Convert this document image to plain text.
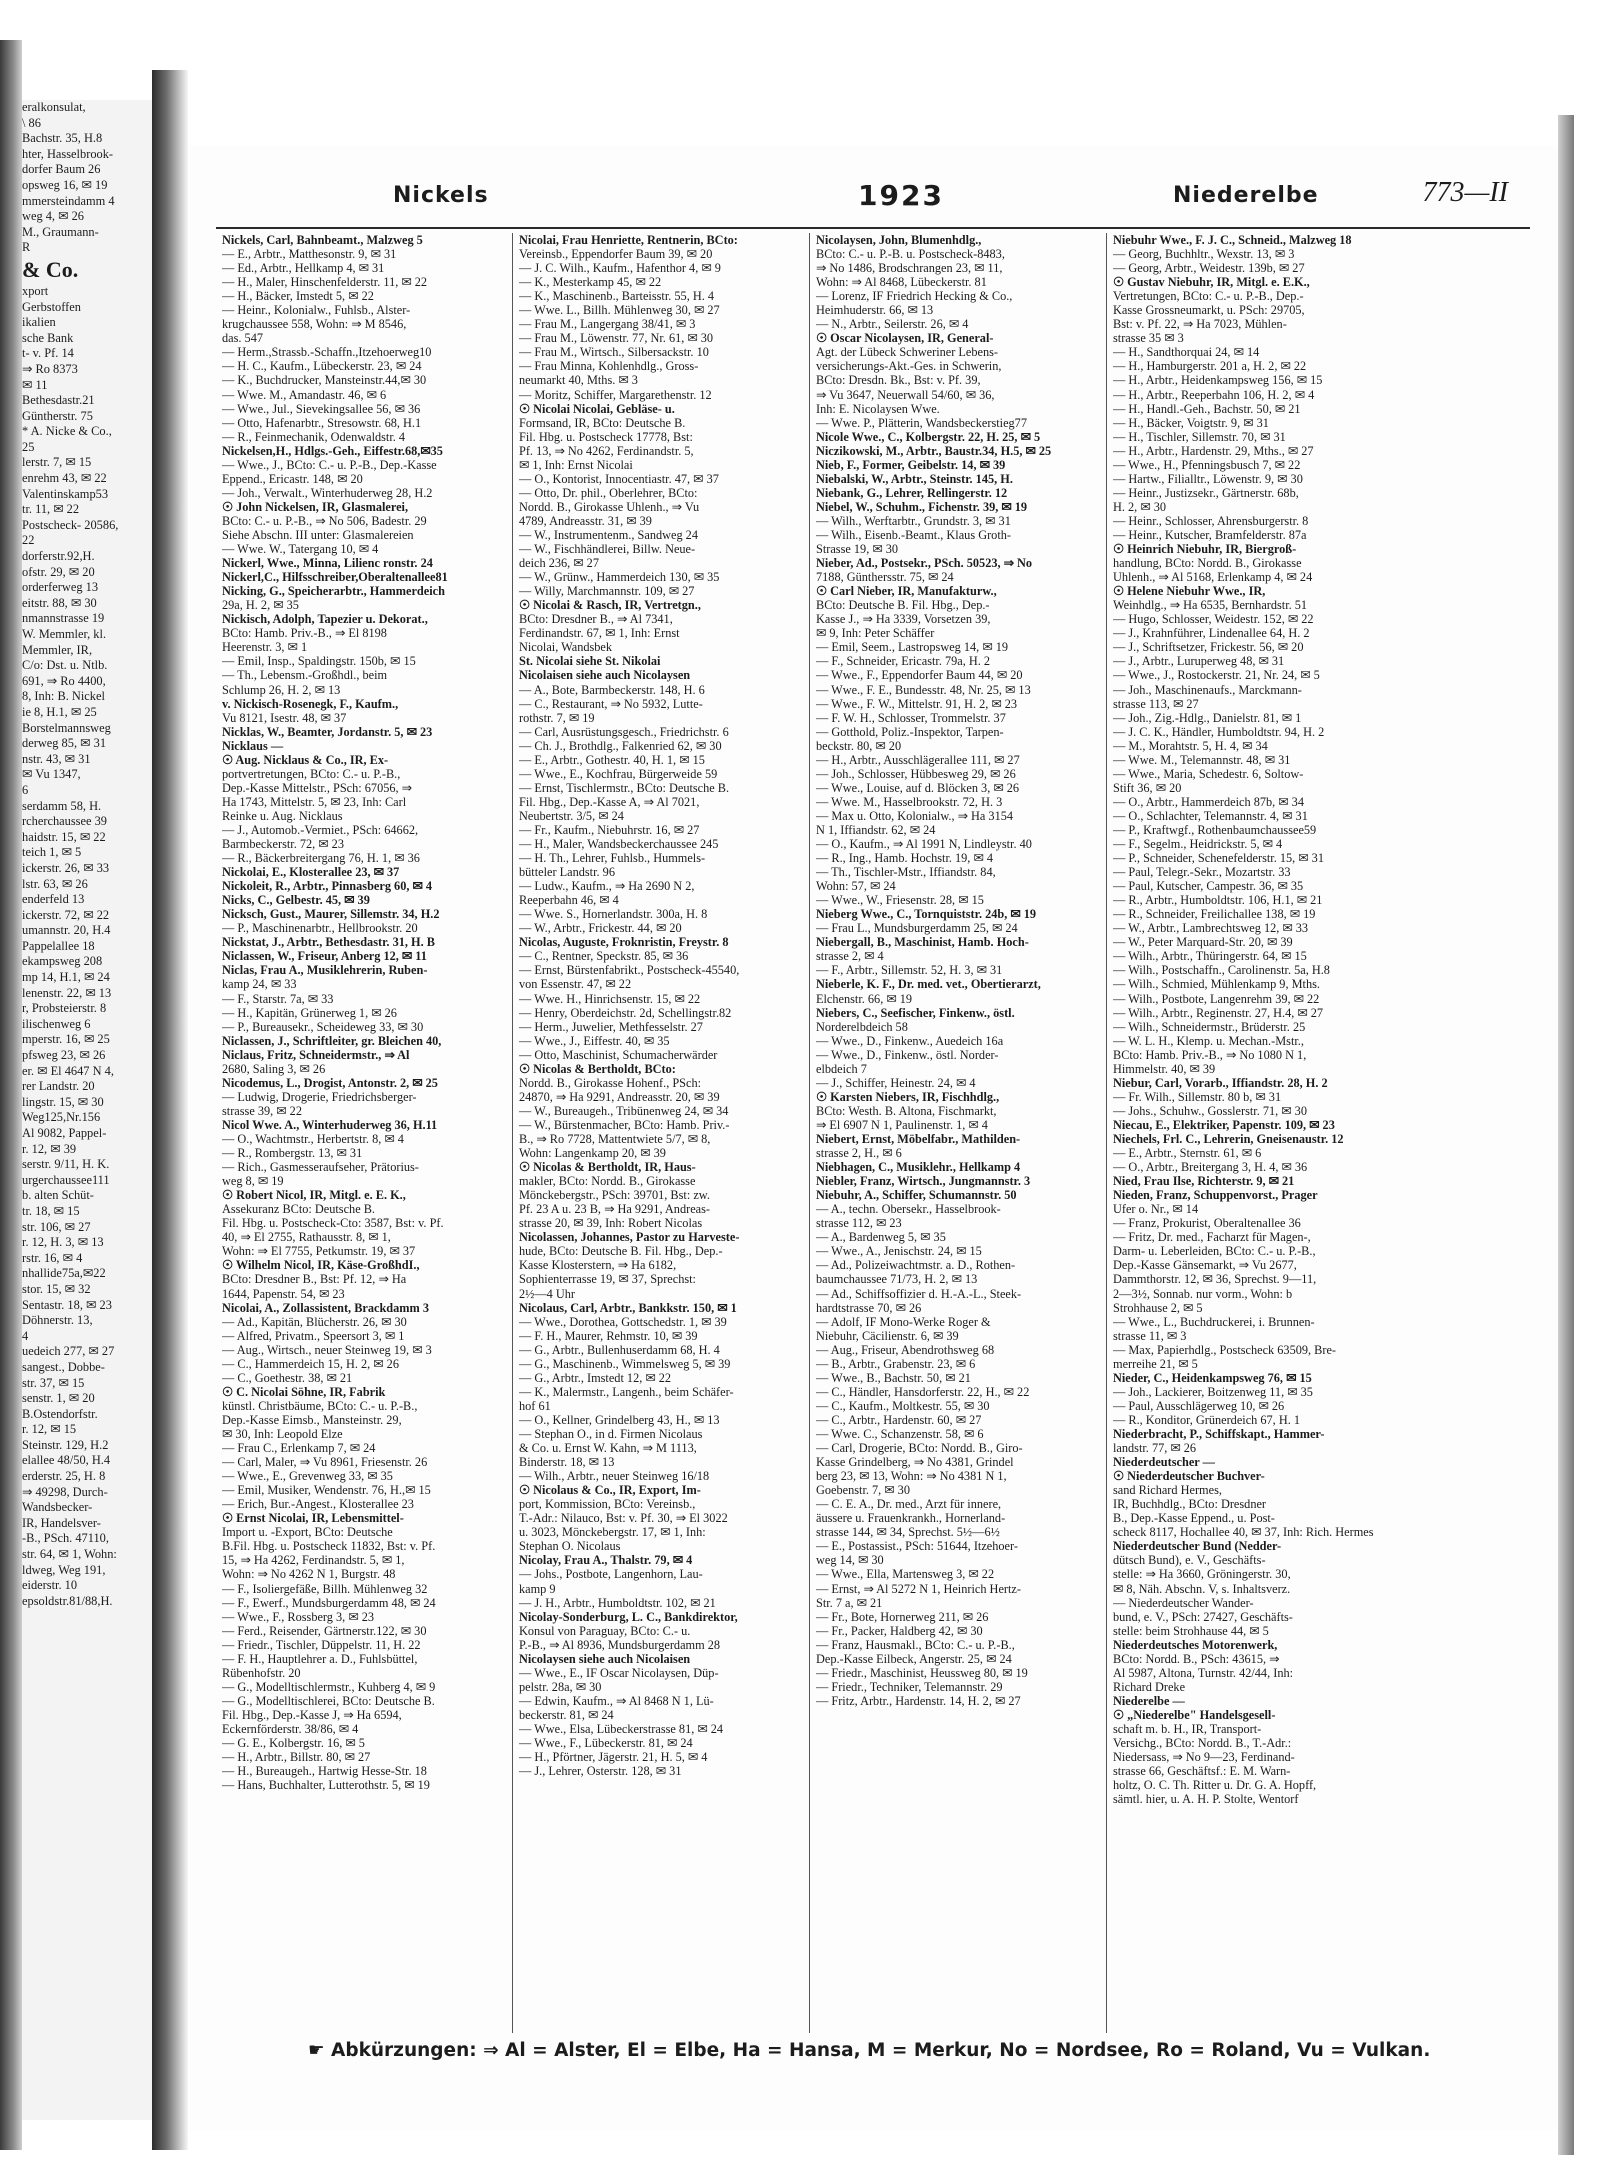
eralkonsulat,
\ 86
Bachstr. 35, H.8
hter, Hasselbrook-
dorfer Baum 26
opsweg 16, ✉ 19
mmersteindamm 4
weg 4, ✉ 26
M., Graumann-
R
& Co.
xport
Gerbstoffen
ikalien
sche Bank
t- v. Pf. 14
⇒ Ro 8373
✉ 11
Bethesdastr.21
Güntherstr. 75
* A. Nicke & Co.,
25
lerstr. 7, ✉ 15
enrehm 43, ✉ 22
Valentinskamp53
tr. 11, ✉ 22
Postscheck- 20586,
22
dorferstr.92,H.
ofstr. 29, ✉ 20
orderferweg 13
eitstr. 88, ✉ 30
nmannstrasse 19
W. Memmler, kl.
Memmler, IR,
C/o: Dst. u. Ntlb.
691, ⇒ Ro 4400,
8, Inh: B. Nickel
ie 8, H.1, ✉ 25
Borstelmannsweg
derweg 85, ✉ 31
nstr. 43, ✉ 31
✉ Vu 1347,
6
serdamm 58, H.
rcherchaussee 39
haidstr. 15, ✉ 22
teich 1, ✉ 5
ickerstr. 26, ✉ 33
lstr. 63, ✉ 26
enderfeld 13
ickerstr. 72, ✉ 22
umannstr. 20, H.4
Pappelallee 18
ekampsweg 208
mp 14, H.1, ✉ 24
lenenstr. 22, ✉ 13
r, Probsteierstr. 8
ilischenweg 6
mperstr. 16, ✉ 25
pfsweg 23, ✉ 26
er. ✉ El 4647 N 4,
rer Landstr. 20
lingstr. 15, ✉ 30
Weg125,Nr.156
Al 9082, Pappel-
r. 12, ✉ 39
serstr. 9/11, H. K.
urgerchaussee111
b. alten Schüt-
tr. 18, ✉ 15
str. 106, ✉ 27
r. 12, H. 3, ✉ 13
rstr. 16, ✉ 4
nhallide75a,✉22
stor. 15, ✉ 32
Sentastr. 18, ✉ 23
Döhnerstr. 13,
4
uedeich 277, ✉ 27
sangest., Dobbe-
str. 37, ✉ 15
senstr. 1, ✉ 20
B.Ostendorfstr.
r. 12, ✉ 15
Steinstr. 129, H.2
elallee 48/50, H.4
erderstr. 25, H. 8
⇒ 49298, Durch-
Wandsbecker-
IR, Handelsver-
-B., PSch. 47110,
str. 64, ✉ 1, Wohn:
ldweg, Weg 191,
eiderstr. 10
epsoldstr.81/88,H.
Nickels	1923	Niederelbe	773—II
Nickels, Carl, Bahnbeamt., Malzweg 5
— E., Arbtr., Matthesonstr. 9, ✉ 31
— Ed., Arbtr., Hellkamp 4, ✉ 31
— H., Maler, Hinschenfelderstr. 11, ✉ 22
— H., Bäcker, Imstedt 5, ✉ 22
— Heinr., Kolonialw., Fuhlsb., Alster-
krugchaussee 558, Wohn: ⇒ M 8546,
das. 547
— Herm.,Strassb.-Schaffn.,Itzehoerweg10
— H. C., Kaufm., Lübeckerstr. 23, ✉ 24
— K., Buchdrucker, Mansteinstr.44,✉ 30
— Wwe. M., Amandastr. 46, ✉ 6
— Wwe., Jul., Sievekingsallee 56, ✉ 36
— Otto, Hafenarbtr., Stresowstr. 68, H.1
— R., Feinmechanik, Odenwaldstr. 4
Nickelsen,H., Hdlgs.-Geh., Eiffestr.68,✉35
— Wwe., J., BCto: C.- u. P.-B., Dep.-Kasse
Eppend., Ericastr. 148, ✉ 20
— Joh., Verwalt., Winterhuderweg 28, H.2
☉ John Nickelsen, IR, Glasmalerei,
BCto: C.- u. P.-B., ⇒ No 506, Badestr. 29
Siehe Abschn. III unter: Glasmalereien
— Wwe. W., Tatergang 10, ✉ 4
Nickerl, Wwe., Minna, Lilienc ronstr. 24
Nickerl,C., Hilfsschreiber,Oberaltenallee81
Nicking, G., Speicherarbtr., Hammerdeich
29a, H. 2, ✉ 35
Nickisch, Adolph, Tapezier u. Dekorat.,
BCto: Hamb. Priv.-B., ⇒ El 8198
Heerenstr. 3, ✉ 1
— Emil, Insp., Spaldingstr. 150b, ✉ 15
— Th., Lebensm.-Großhdl., beim
Schlump 26, H. 2, ✉ 13
v. Nickisch-Rosenegk, F., Kaufm.,
Vu 8121, Isestr. 48, ✉ 37
Nicklas, W., Beamter, Jordanstr. 5, ✉ 23
Nicklaus —
☉ Aug. Nicklaus & Co., IR, Ex-
portvertretungen, BCto: C.- u. P.-B.,
Dep.-Kasse Mittelstr., PSch: 67056, ⇒
Ha 1743, Mittelstr. 5, ✉ 23, Inh: Carl
Reinke u. Aug. Nicklaus
— J., Automob.-Vermiet., PSch: 64662,
Barmbeckerstr. 72, ✉ 23
— R., Bäckerbreitergang 76, H. 1, ✉ 36
Nickolai, E., Klosterallee 23, ✉ 37
Nickoleit, R., Arbtr., Pinnasberg 60, ✉ 4
Nicks, C., Gelbestr. 45, ✉ 39
Nicksch, Gust., Maurer, Sillemstr. 34, H.2
— P., Maschinenarbtr., Hellbrookstr. 20
Nickstat, J., Arbtr., Bethesdastr. 31, H. B
Niclassen, W., Friseur, Anberg 12, ✉ 11
Niclas, Frau A., Musiklehrerin, Ruben-
kamp 24, ✉ 33
— F., Starstr. 7a, ✉ 33
— H., Kapitän, Grünerweg 1, ✉ 26
— P., Bureausekr., Scheideweg 33, ✉ 30
Niclassen, J., Schriftleiter, gr. Bleichen 40,
Niclaus, Fritz, Schneidermstr., ⇒ Al
2680, Saling 3, ✉ 26
Nicodemus, L., Drogist, Antonstr. 2, ✉ 25
— Ludwig, Drogerie, Friedrichsberger-
strasse 39, ✉ 22
Nicol Wwe. A., Winterhuderweg 36, H.11
— O., Wachtmstr., Herbertstr. 8, ✉ 4
— R., Rombergstr. 13, ✉ 31
— Rich., Gasmesseraufseher, Prätorius-
weg 8, ✉ 19
☉ Robert Nicol, IR, Mitgl. e. E. K.,
Assekuranz BCto: Deutsche B.
Fil. Hbg. u. Postscheck-Cto: 3587, Bst: v. Pf.
40, ⇒ El 2755, Rathausstr. 8, ✉ 1,
Wohn: ⇒ El 7755, Petkumstr. 19, ✉ 37
☉ Wilhelm Nicol, IR, Käse-GroßhdI.,
BCto: Dresdner B., Bst: Pf. 12, ⇒ Ha
1644, Papenstr. 54, ✉ 23
Nicolai, A., Zollassistent, Brackdamm 3
— Ad., Kapitän, Blücherstr. 26, ✉ 30
— Alfred, Privatm., Speersort 3, ✉ 1
— Aug., Wirtsch., neuer Steinweg 19, ✉ 3
— C., Hammerdeich 15, H. 2, ✉ 26
— C., Goethestr. 38, ✉ 21
☉ C. Nicolai Söhne, IR, Fabrik
künstl. Christbäume, BCto: C.- u. P.-B.,
Dep.-Kasse Eimsb., Mansteinstr. 29,
✉ 30, Inh: Leopold Elze
— Frau C., Erlenkamp 7, ✉ 24
— Carl, Maler, ⇒ Vu 8961, Friesenstr. 26
— Wwe., E., Grevenweg 33, ✉ 35
— Emil, Musiker, Wendenstr. 76, H.,✉ 15
— Erich, Bur.-Angest., Klosterallee 23
☉ Ernst Nicolai, IR, Lebensmittel-
Import u. -Export, BCto: Deutsche
B.Fil. Hbg. u. Postscheck 11832, Bst: v. Pf.
15, ⇒ Ha 4262, Ferdinandstr. 5, ✉ 1,
Wohn: ⇒ No 4262 N 1, Burgstr. 48
— F., Isoliergefäße, Billh. Mühlenweg 32
— F., Ewerf., Mundsburgerdamm 48, ✉ 24
— Wwe., F., Rossberg 3, ✉ 23
— Ferd., Reisender, Gärtnerstr.122, ✉ 30
— Friedr., Tischler, Düppelstr. 11, H. 22
— F. H., Hauptlehrer a. D., Fuhlsbüttel,
Rübenhofstr. 20
— G., Modelltischlermstr., Kuhberg 4, ✉ 9
— G., Modelltischlerei, BCto: Deutsche B.
Fil. Hbg., Dep.-Kasse J, ⇒ Ha 6594,
Eckernförderstr. 38/86, ✉ 4
— G. E., Kolbergstr. 16, ✉ 5
— H., Arbtr., Billstr. 80, ✉ 27
— H., Bureaugeh., Hartwig Hesse-Str. 18
— Hans, Buchhalter, Lutterothstr. 5, ✉ 19
Nicolai, Frau Henriette, Rentnerin, BCto:
Vereinsb., Eppendorfer Baum 39, ✉ 20
— J. C. Wilh., Kaufm., Hafenthor 4, ✉ 9
— K., Mesterkamp 45, ✉ 22
— K., Maschinenb., Barteisstr. 55, H. 4
— Wwe. L., Billh. Mühlenweg 30, ✉ 27
— Frau M., Langergang 38/41, ✉ 3
— Frau M., Löwenstr. 77, Nr. 61, ✉ 30
— Frau M., Wirtsch., Silbersackstr. 10
— Frau Minna, Kohlenhdlg., Gross-
neumarkt 40, Mths. ✉ 3
— Moritz, Schiffer, Margarethenstr. 12
☉ Nicolai Nicolai, Gebläse- u.
Formsand, IR, BCto: Deutsche B.
Fil. Hbg. u. Postscheck 17778, Bst:
Pf. 13, ⇒ No 4262, Ferdinandstr. 5,
✉ 1, Inh: Ernst Nicolai
— O., Kontorist, Innocentiastr. 47, ✉ 37
— Otto, Dr. phil., Oberlehrer, BCto:
Nordd. B., Girokasse Uhlenh., ⇒ Vu
4789, Andreasstr. 31, ✉ 39
— W., Instrumentenm., Sandweg 24
— W., Fischhändlerei, Billw. Neue-
deich 236, ✉ 27
— W., Grünw., Hammerdeich 130, ✉ 35
— Willy, Marchmannstr. 109, ✉ 27
☉ Nicolai & Rasch, IR, Vertretgn.,
BCto: Dresdner B., ⇒ Al 7341,
Ferdinandstr. 67, ✉ 1, Inh: Ernst
Nicolai, Wandsbek
St. Nicolai siehe St. Nikolai
Nicolaisen siehe auch Nicolaysen
— A., Bote, Barmbeckerstr. 148, H. 6
— C., Restaurant, ⇒ No 5932, Lutte-
rothstr. 7, ✉ 19
— Carl, Ausrüstungsgesch., Friedrichstr. 6
— Ch. J., Brothdlg., Falkenried 62, ✉ 30
— E., Arbtr., Gothestr. 40, H. 1, ✉ 15
— Wwe., E., Kochfrau, Bürgerweide 59
— Ernst, Tischlermstr., BCto: Deutsche B.
Fil. Hbg., Dep.-Kasse A, ⇒ Al 7021,
Neubertstr. 3/5, ✉ 24
— Fr., Kaufm., Niebuhrstr. 16, ✉ 27
— H., Maler, Wandsbeckerchaussee 245
— H. Th., Lehrer, Fuhlsb., Hummels-
bütteler Landstr. 96
— Ludw., Kaufm., ⇒ Ha 2690 N 2,
Reeperbahn 46, ✉ 4
— Wwe. S., Hornerlandstr. 300a, H. 8
— W., Arbtr., Frickestr. 44, ✉ 20
Nicolas, Auguste, Froknristin, Freystr. 8
— C., Rentner, Speckstr. 85, ✉ 36
— Ernst, Bürstenfabrikt., Postscheck-45540,
von Essenstr. 47, ✉ 22
— Wwe. H., Hinrichsenstr. 15, ✉ 22
— Henry, Oberdeichstr. 2d, Schellingstr.82
— Herm., Juwelier, Methfesselstr. 27
— Wwe., J., Eiffestr. 40, ✉ 35
— Otto, Maschinist, Schumacherwärder
☉ Nicolas & Bertholdt, BCto:
Nordd. B., Girokasse Hohenf., PSch:
24870, ⇒ Ha 9291, Andreasstr. 20, ✉ 39
— W., Bureaugeh., Tribünenweg 24, ✉ 34
— W., Bürstenmacher, BCto: Hamb. Priv.-
B., ⇒ Ro 7728, Mattentwiete 5/7, ✉ 8,
Wohn: Langenkamp 20, ✉ 39
☉ Nicolas & Bertholdt, IR, Haus-
makler, BCto: Nordd. B., Girokasse
Mönckebergstr., PSch: 39701, Bst: zw.
Pf. 23 A u. 23 B, ⇒ Ha 9291, Andreas-
strasse 20, ✉ 39, Inh: Robert Nicolas
Nicolassen, Johannes, Pastor zu Harveste-
hude, BCto: Deutsche B. Fil. Hbg., Dep.-
Kasse Klosterstern, ⇒ Ha 6182,
Sophienterrasse 19, ✉ 37, Sprechst:
2½—4 Uhr
Nicolaus, Carl, Arbtr., Bankkstr. 150, ✉ 1
— Wwe., Dorothea, Gottschedstr. 1, ✉ 39
— F. H., Maurer, Rehmstr. 10, ✉ 39
— G., Arbtr., Bullenhuserdamm 68, H. 4
— G., Maschinenb., Wimmelsweg 5, ✉ 39
— G., Arbtr., Imstedt 12, ✉ 22
— K., Malermstr., Langenh., beim Schäfer-
hof 61
— O., Kellner, Grindelberg 43, H., ✉ 13
— Stephan O., in d. Firmen Nicolaus
& Co. u. Ernst W. Kahn, ⇒ M 1113,
Binderstr. 18, ✉ 13
— Wilh., Arbtr., neuer Steinweg 16/18
☉ Nicolaus & Co., IR, Export, Im-
port, Kommission, BCto: Vereinsb.,
T.-Adr.: Nilauco, Bst: v. Pf. 30, ⇒ El 3022
u. 3023, Mönckebergstr. 17, ✉ 1, Inh:
Stephan O. Nicolaus
Nicolay, Frau A., Thalstr. 79, ✉ 4
— Johs., Postbote, Langenhorn, Lau-
kamp 9
— J. H., Arbtr., Humboldtstr. 102, ✉ 21
Nicolay-Sonderburg, L. C., Bankdirektor,
Konsul von Paraguay, BCto: C.- u.
P.-B., ⇒ Al 8936, Mundsburgerdamm 28
Nicolaysen siehe auch Nicolaisen
— Wwe., E., IF Oscar Nicolaysen, Düp-
pelstr. 28a, ✉ 30
— Edwin, Kaufm., ⇒ Al 8468 N 1, Lü-
beckerstr. 81, ✉ 24
— Wwe., Elsa, Lübeckerstrasse 81, ✉ 24
— Wwe., F., Lübeckerstr. 81, ✉ 24
— H., Pförtner, Jägerstr. 21, H. 5, ✉ 4
— J., Lehrer, Osterstr. 128, ✉ 31
Nicolaysen, John, Blumenhdlg.,
BCto: C.- u. P.-B. u. Postscheck-8483,
⇒ No 1486, Brodschrangen 23, ✉ 11,
Wohn: ⇒ Al 8468, Lübeckerstr. 81
— Lorenz, IF Friedrich Hecking & Co.,
Heimhuderstr. 66, ✉ 13
— N., Arbtr., Seilerstr. 26, ✉ 4
☉ Oscar Nicolaysen, IR, General-
Agt. der Lübeck Schweriner Lebens-
versicherungs-Akt.-Ges. in Schwerin,
BCto: Dresdn. Bk., Bst: v. Pf. 39,
⇒ Vu 3647, Neuerwall 54/60, ✉ 36,
Inh: E. Nicolaysen Wwe.
— Wwe. P., Plätterin, Wandsbeckerstieg77
Nicole Wwe., C., Kolbergstr. 22, H. 25, ✉ 5
Niczikowski, M., Arbtr., Baustr.34, H.5, ✉ 25
Nieb, F., Former, Geibelstr. 14, ✉ 39
Niebalski, W., Arbtr., Steinstr. 145, H.
Niebank, G., Lehrer, Rellingerstr. 12
Niebel, W., Schuhm., Fichenstr. 39, ✉ 19
— Wilh., Werftarbtr., Grundstr. 3, ✉ 31
— Wilh., Eisenb.-Beamt., Klaus Groth-
Strasse 19, ✉ 30
Nieber, Ad., Postsekr., PSch. 50523, ⇒ No
7188, Günthersstr. 75, ✉ 24
☉ Carl Nieber, IR, Manufakturw.,
BCto: Deutsche B. Fil. Hbg., Dep.-
Kasse J., ⇒ Ha 3339, Vorsetzen 39,
✉ 9, Inh: Peter Schäffer
— Emil, Seem., Lastropsweg 14, ✉ 19
— F., Schneider, Ericastr. 79a, H. 2
— Wwe., F., Eppendorfer Baum 44, ✉ 20
— Wwe., F. E., Bundesstr. 48, Nr. 25, ✉ 13
— Wwe., F. W., Mittelstr. 91, H. 2, ✉ 23
— F. W. H., Schlosser, Trommelstr. 37
— Gotthold, Poliz.-Inspektor, Tarpen-
beckstr. 80, ✉ 20
— H., Arbtr., Ausschlägerallee 111, ✉ 27
— Joh., Schlosser, Hübbesweg 29, ✉ 26
— Wwe., Louise, auf d. Blöcken 3, ✉ 26
— Wwe. M., Hasselbrookstr. 72, H. 3
— Max u. Otto, Kolonialw., ⇒ Ha 3154
N 1, Iffiandstr. 62, ✉ 24
— O., Kaufm., ⇒ Al 1991 N, Lindleystr. 40
— R., Ing., Hamb. Hochstr. 19, ✉ 4
— Th., Tischler-Mstr., Iffiandstr. 84,
Wohn: 57, ✉ 24
— Wwe., W., Friesenstr. 28, ✉ 15
Nieberg Wwe., C., Tornquiststr. 24b, ✉ 19
— Frau L., Mundsburgerdamm 25, ✉ 24
Niebergall, B., Maschinist, Hamb. Hoch-
strasse 2, ✉ 4
— F., Arbtr., Sillemstr. 52, H. 3, ✉ 31
Nieberle, K. F., Dr. med. vet., Obertierarzt,
Elchenstr. 66, ✉ 19
Niebers, C., Seefischer, Finkenw., östl.
Norderelbdeich 58
— Wwe., D., Finkenw., Auedeich 16a
— Wwe., D., Finkenw., östl. Norder-
elbdeich 7
— J., Schiffer, Heinestr. 24, ✉ 4
☉ Karsten Niebers, IR, Fischhdlg.,
BCto: Westh. B. Altona, Fischmarkt,
⇒ El 6907 N 1, Paulinenstr. 1, ✉ 4
Niebert, Ernst, Möbelfabr., Mathilden-
strasse 2, H., ✉ 6
Niebhagen, C., Musiklehr., Hellkamp 4
Niebler, Franz, Wirtsch., Jungmannstr. 3
Niebuhr, A., Schiffer, Schumannstr. 50
— A., techn. Obersekr., Hasselbrook-
strasse 112, ✉ 23
— A., Bardenweg 5, ✉ 35
— Wwe., A., Jenischstr. 24, ✉ 15
— Ad., Polizeiwachtmstr. a. D., Rothen-
baumchaussee 71/73, H. 2, ✉ 13
— Ad., Schiffsoffizier d. H.-A.-L., Steek-
hardtstrasse 70, ✉ 26
— Adolf, IF Mono-Werke Roger &
Niebuhr, Cäcilienstr. 6, ✉ 39
— Aug., Friseur, Abendrothsweg 68
— B., Arbtr., Grabenstr. 23, ✉ 6
— Wwe., B., Bachstr. 50, ✉ 21
— C., Händler, Hansdorferstr. 22, H., ✉ 22
— C., Kaufm., Moltkestr. 55, ✉ 30
— C., Arbtr., Hardenstr. 60, ✉ 27
— Wwe. C., Schanzenstr. 58, ✉ 6
— Carl, Drogerie, BCto: Nordd. B., Giro-
Kasse Grindelberg, ⇒ No 4381, Grindel
berg 23, ✉ 13, Wohn: ⇒ No 4381 N 1,
Goebenstr. 7, ✉ 30
— C. E. A., Dr. med., Arzt für innere,
äussere u. Frauenkrankh., Hornerland-
strasse 144, ✉ 34, Sprechst. 5½—6½
— E., Postassist., PSch: 51644, Itzehoer-
weg 14, ✉ 30
— Wwe., Ella, Martensweg 3, ✉ 22
— Ernst, ⇒ Al 5272 N 1, Heinrich Hertz-
Str. 7 a, ✉ 21
— Fr., Bote, Hornerweg 211, ✉ 26
— Fr., Packer, Haldberg 42, ✉ 30
— Franz, Hausmakl., BCto: C.- u. P.-B.,
Dep.-Kasse Eilbeck, Angerstr. 25, ✉ 24
— Friedr., Maschinist, Heussweg 80, ✉ 19
— Friedr., Techniker, Telemannstr. 29
— Fritz, Arbtr., Hardenstr. 14, H. 2, ✉ 27
Niebuhr Wwe., F. J. C., Schneid., Malzweg 18
— Georg, Buchhltr., Wexstr. 13, ✉ 3
— Georg, Arbtr., Weidestr. 139b, ✉ 27
☉ Gustav Niebuhr, IR, Mitgl. e. E.K.,
Vertretungen, BCto: C.- u. P.-B., Dep.-
Kasse Grossneumarkt, u. PSch: 29705,
Bst: v. Pf. 22, ⇒ Ha 7023, Mühlen-
strasse 35 ✉ 3
— H., Sandthorquai 24, ✉ 14
— H., Hamburgerstr. 201 a, H. 2, ✉ 22
— H., Arbtr., Heidenkampsweg 156, ✉ 15
— H., Arbtr., Reeperbahn 106, H. 2, ✉ 4
— H., Handl.-Geh., Bachstr. 50, ✉ 21
— H., Bäcker, Voigtstr. 9, ✉ 31
— H., Tischler, Sillemstr. 70, ✉ 31
— H., Arbtr., Hardenstr. 29, Mths., ✉ 27
— Wwe., H., Pfenningsbusch 7, ✉ 22
— Hartw., Filialltr., Löwenstr. 9, ✉ 30
— Heinr., Justizsekr., Gärtnerstr. 68b,
H. 2, ✉ 30
— Heinr., Schlosser, Ahrensburgerstr. 8
— Heinr., Kutscher, Bramfelderstr. 87a
☉ Heinrich Niebuhr, IR, Biergroß-
handlung, BCto: Nordd. B., Girokasse
Uhlenh., ⇒ Al 5168, Erlenkamp 4, ✉ 24
☉ Helene Niebuhr Wwe., IR,
Weinhdlg., ⇒ Ha 6535, Bernhardstr. 51
— Hugo, Schlosser, Weidestr. 152, ✉ 22
— J., Krahnführer, Lindenallee 64, H. 2
— J., Schriftsetzer, Frickestr. 56, ✉ 20
— J., Arbtr., Luruperweg 48, ✉ 31
— Wwe., J., Rostockerstr. 21, Nr. 24, ✉ 5
— Joh., Maschinenaufs., Marckmann-
strasse 113, ✉ 27
— Joh., Zig.-Hdlg., Danielstr. 81, ✉ 1
— J. C. K., Händler, Humboldtstr. 94, H. 2
— M., Morahtstr. 5, H. 4, ✉ 34
— Wwe. M., Telemannstr. 48, ✉ 31
— Wwe., Maria, Schedestr. 6, Soltow-
Stift 36, ✉ 20
— O., Arbtr., Hammerdeich 87b, ✉ 34
— O., Schlachter, Telemannstr. 4, ✉ 31
— P., Kraftwgf., Rothenbaumchaussee59
— F., Segelm., Heidrickstr. 5, ✉ 4
— P., Schneider, Schenefelderstr. 15, ✉ 31
— Paul, Telegr.-Sekr., Mozartstr. 33
— Paul, Kutscher, Campestr. 36, ✉ 35
— R., Arbtr., Humboldtstr. 106, H.1, ✉ 21
— R., Schneider, Freilichallee 138, ✉ 19
— W., Arbtr., Lambrechtsweg 12, ✉ 33
— W., Peter Marquard-Str. 20, ✉ 39
— Wilh., Arbtr., Thüringerstr. 64, ✉ 15
— Wilh., Postschaffn., Carolinenstr. 5a, H.8
— Wilh., Schmied, Mühlenkamp 9, Mths.
— Wilh., Postbote, Langenrehm 39, ✉ 22
— Wilh., Arbtr., Reginenstr. 27, H.4, ✉ 27
— Wilh., Schneidermstr., Brüderstr. 25
— W. L. H., Klemp. u. Mechan.-Mstr.,
BCto: Hamb. Priv.-B., ⇒ No 1080 N 1,
Himmelstr. 40, ✉ 39
Niebur, Carl, Vorarb., Iffiandstr. 28, H. 2
— Fr. Wilh., Sillemstr. 80 b, ✉ 31
— Johs., Schuhw., Gosslerstr. 71, ✉ 30
Niecau, E., Elektriker, Papenstr. 109, ✉ 23
Niechels, Frl. C., Lehrerin, Gneisenaustr. 12
— E., Arbtr., Sternstr. 61, ✉ 6
— O., Arbtr., Breitergang 3, H. 4, ✉ 36
Nied, Frau Ilse, Richterstr. 9, ✉ 21
Nieden, Franz, Schuppenvorst., Prager
Ufer o. Nr., ✉ 14
— Franz, Prokurist, Oberaltenallee 36
— Fritz, Dr. med., Facharzt für Magen-,
Darm- u. Leberleiden, BCto: C.- u. P.-B.,
Dep.-Kasse Gänsemarkt, ⇒ Vu 2677,
Dammthorstr. 12, ✉ 36, Sprechst. 9—11,
2—3½, Sonnab. nur vorm., Wohn: b
Strohhause 2, ✉ 5
— Wwe., L., Buchdruckerei, i. Brunnen-
strasse 11, ✉ 3
— Max, Papierhdlg., Postscheck 63509, Bre-
merreihe 21, ✉ 5
Nieder, C., Heidenkampsweg 76, ✉ 15
— Joh., Lackierer, Boitzenweg 11, ✉ 35
— Paul, Ausschlägerweg 10, ✉ 26
— R., Konditor, Grünerdeich 67, H. 1
Niederbracht, P., Schiffskapt., Hammer-
landstr. 77, ✉ 26
Niederdeutscher —
☉ Niederdeutscher Buchver-
sand Richard Hermes,
IR, Buchhdlg., BCto: Dresdner
B., Dep.-Kasse Eppend., u. Post-
scheck 8117, Hochallee 40, ✉ 37, Inh: Rich. Hermes
Niederdeutscher Bund (Nedder-
dütsch Bund), e. V., Geschäfts-
stelle: ⇒ Ha 3660, Gröningerstr. 30,
✉ 8, Näh. Abschn. V, s. Inhaltsverz.
— Niederdeutscher Wander-
bund, e. V., PSch: 27427, Geschäfts-
stelle: beim Strohhause 44, ✉ 5
Niederdeutsches Motorenwerk,
BCto: Nordd. B., PSch: 43615, ⇒
Al 5987, Altona, Turnstr. 42/44, Inh:
Richard Dreke
Niederelbe —
☉ „Niederelbe" Handelsgesell-
schaft m. b. H., IR, Transport-
Versichg., BCto: Nordd. B., T.-Adr.:
Niedersass, ⇒ No 9—23, Ferdinand-
strasse 66, Geschäftsf.: E. M. Warn-
holtz, O. C. Th. Ritter u. Dr. G. A. Hopff,
sämtl. hier, u. A. H. P. Stolte, Wentorf
☛ Abkürzungen: ⇒ Al = Alster, El = Elbe, Ha = Hansa, M = Merkur, No = Nordsee, Ro = Roland, Vu = Vulkan.
